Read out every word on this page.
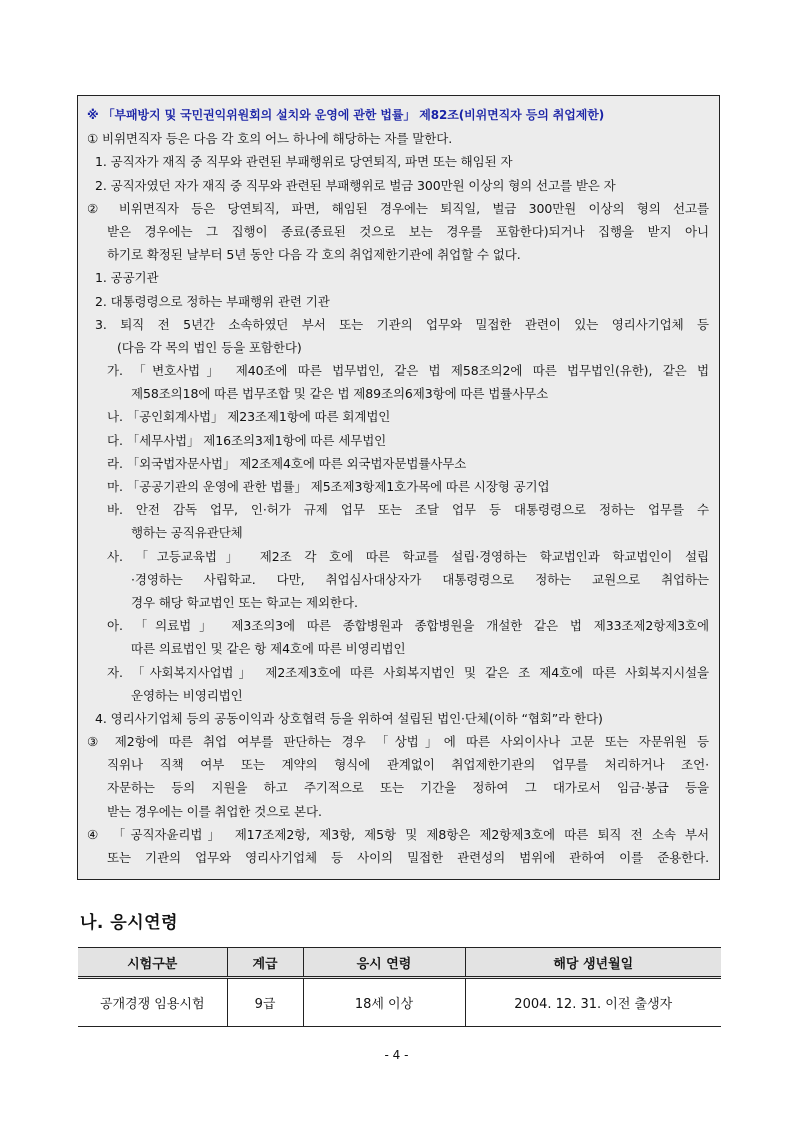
※ 「부패방지 및 국민권익위원회의 설치와 운영에 관한 법률」 제82조(비위면직자 등의 취업제한)
① 비위면직자 등은 다음 각 호의 어느 하나에 해당하는 자를 말한다.
1. 공직자가 재직 중 직무와 관련된 부패행위로 당연퇴직, 파면 또는 해임된 자
2. 공직자였던 자가 재직 중 직무와 관련된 부패행위로 벌금 300만원 이상의 형의 선고를 받은 자
② 비위면직자 등은 당연퇴직, 파면, 해임된 경우에는 퇴직일, 벌금 300만원 이상의 형의 선고를
받은 경우에는 그 집행이 종료(종료된 것으로 보는 경우를 포함한다)되거나 집행을 받지 아니
하기로 확정된 날부터 5년 동안 다음 각 호의 취업제한기관에 취업할 수 없다.
1. 공공기관
2. 대통령령으로 정하는 부패행위 관련 기관
3. 퇴직 전 5년간 소속하였던 부서 또는 기관의 업무와 밀접한 관련이 있는 영리사기업체 등
(다음 각 목의 법인 등을 포함한다)
가. 「변호사법」 제40조에 따른 법무법인, 같은 법 제58조의2에 따른 법무법인(유한), 같은 법
제58조의18에 따른 법무조합 및 같은 법 제89조의6제3항에 따른 법률사무소
나. 「공인회계사법」 제23조제1항에 따른 회계법인
다. 「세무사법」 제16조의3제1항에 따른 세무법인
라. 「외국법자문사법」 제2조제4호에 따른 외국법자문법률사무소
마. 「공공기관의 운영에 관한 법률」 제5조제3항제1호가목에 따른 시장형 공기업
바. 안전 감독 업무, 인·허가 규제 업무 또는 조달 업무 등 대통령령으로 정하는 업무를 수
행하는 공직유관단체
사. 「고등교육법」 제2조 각 호에 따른 학교를 설립·경영하는 학교법인과 학교법인이 설립
·경영하는 사립학교. 다만, 취업심사대상자가 대통령령으로 정하는 교원으로 취업하는
경우 해당 학교법인 또는 학교는 제외한다.
아. 「의료법」 제3조의3에 따른 종합병원과 종합병원을 개설한 같은 법 제33조제2항제3호에
따른 의료법인 및 같은 항 제4호에 따른 비영리법인
자. 「사회복지사업법」 제2조제3호에 따른 사회복지법인 및 같은 조 제4호에 따른 사회복지시설을
운영하는 비영리법인
4. 영리사기업체 등의 공동이익과 상호협력 등을 위하여 설립된 법인·단체(이하 “협회”라 한다)
③ 제2항에 따른 취업 여부를 판단하는 경우 「상법」에 따른 사외이사나 고문 또는 자문위원 등
직위나 직책 여부 또는 계약의 형식에 관계없이 취업제한기관의 업무를 처리하거나 조언·
자문하는 등의 지원을 하고 주기적으로 또는 기간을 정하여 그 대가로서 임금·봉급 등을
받는 경우에는 이를 취업한 것으로 본다.
④ 「공직자윤리법」 제17조제2항, 제3항, 제5항 및 제8항은 제2항제3호에 따른 퇴직 전 소속 부서
또는 기관의 업무와 영리사기업체 등 사이의 밀접한 관련성의 범위에 관하여 이를 준용한다.
나. 응시연령
시험구분	계급	응시 연령	해당 생년월일
공개경쟁 임용시험	9급	18세 이상	2004. 12. 31. 이전 출생자
- 4 -
